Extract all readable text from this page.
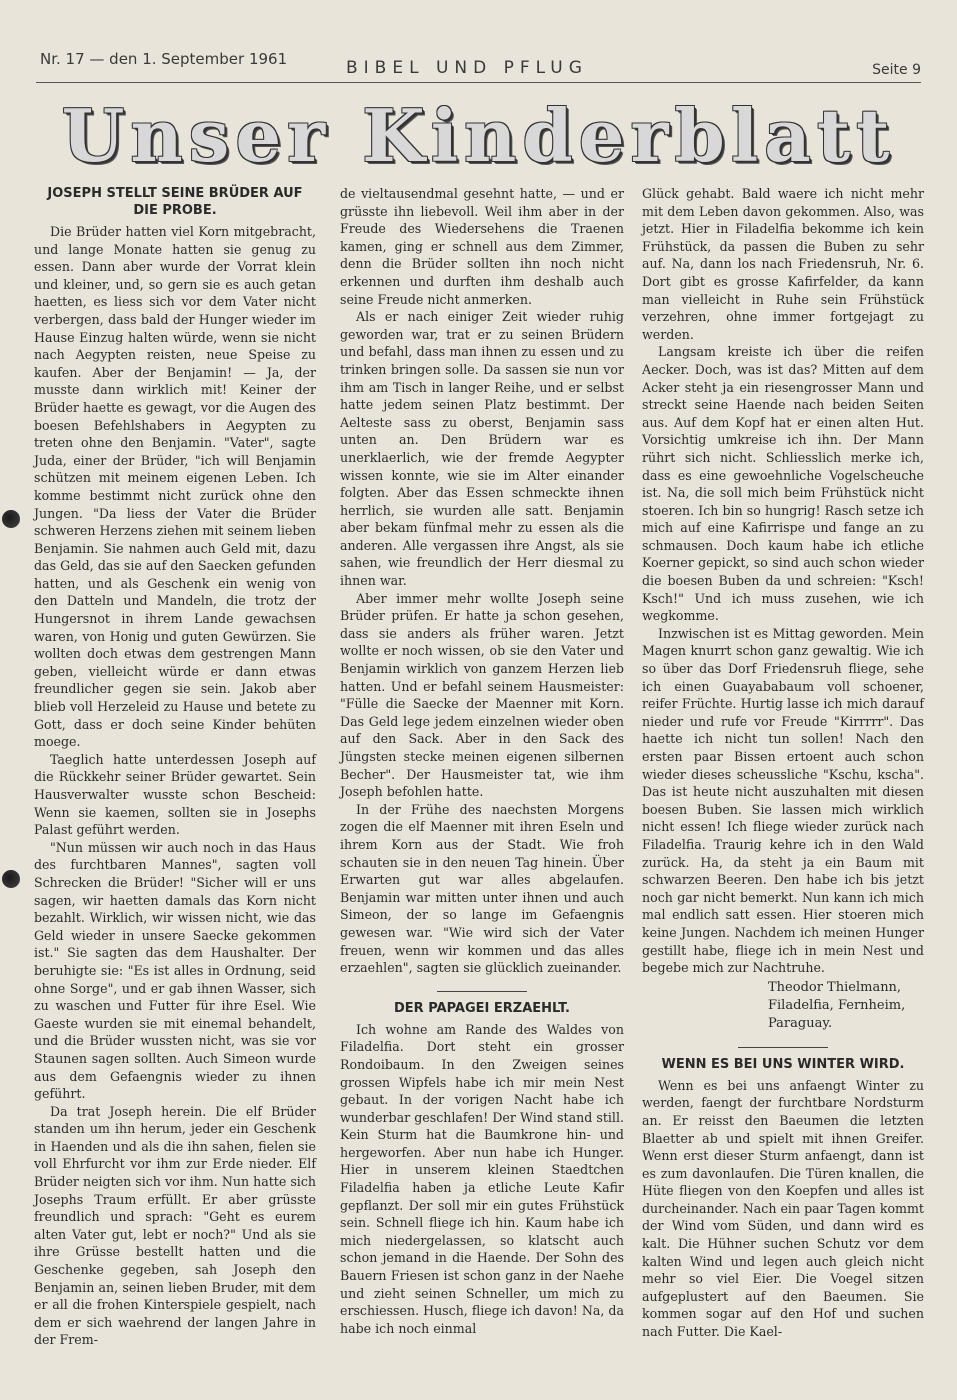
Nr. 17 — den 1. September 1961	BIBEL UND PFLUG	Seite 9
Unser Kinderblatt
JOSEPH STELLT SEINE BRÜDER AUF DIE PROBE.

Die Brüder hatten viel Korn mitgebracht, und lange Monate hatten sie genug zu essen. Dann aber wurde der Vorrat klein und kleiner, und, so gern sie es auch getan haetten, es liess sich vor dem Vater nicht verbergen, dass bald der Hunger wieder im Hause Einzug halten würde, wenn sie nicht nach Aegypten reisten, neue Speise zu kaufen. Aber der Benjamin! — Ja, der musste dann wirklich mit! Keiner der Brüder haette es gewagt, vor die Augen des boesen Befehlshabers in Aegypten zu treten ohne den Benjamin. "Vater", sagte Juda, einer der Brüder, "ich will Benjamin schützen mit meinem eigenen Leben. Ich komme bestimmt nicht zurück ohne den Jungen. "Da liess der Vater die Brüder schweren Herzens ziehen mit seinem lieben Benjamin. Sie nahmen auch Geld mit, dazu das Geld, das sie auf den Saecken gefunden hatten, und als Geschenk ein wenig von den Datteln und Mandeln, die trotz der Hungersnot in ihrem Lande gewachsen waren, von Honig und guten Gewürzen. Sie wollten doch etwas dem gestrengen Mann geben, vielleicht würde er dann etwas freundlicher gegen sie sein. Jakob aber blieb voll Herzeleid zu Hause und betete zu Gott, dass er doch seine Kinder behüten moege.

Taeglich hatte unterdessen Joseph auf die Rückkehr seiner Brüder gewartet. Sein Hausverwalter wusste schon Bescheid: Wenn sie kaemen, sollten sie in Josephs Palast geführt werden.

"Nun müssen wir auch noch in das Haus des furchtbaren Mannes", sagten voll Schrecken die Brüder! "Sicher will er uns sagen, wir haetten damals das Korn nicht bezahlt. Wirklich, wir wissen nicht, wie das Geld wieder in unsere Saecke gekommen ist." Sie sagten das dem Haushalter. Der beruhigte sie: "Es ist alles in Ordnung, seid ohne Sorge", und er gab ihnen Wasser, sich zu waschen und Futter für ihre Esel. Wie Gaeste wurden sie mit einemal behandelt, und die Brüder wussten nicht, was sie vor Staunen sagen sollten. Auch Simeon wurde aus dem Gefaengnis wieder zu ihnen geführt.

Da trat Joseph herein. Die elf Brüder standen um ihn herum, jeder ein Geschenk in Haenden und als die ihn sahen, fielen sie voll Ehrfurcht vor ihm zur Erde nieder. Elf Brüder neigten sich vor ihm. Nun hatte sich Josephs Traum erfüllt. Er aber grüsste freundlich und sprach: "Geht es eurem alten Vater gut, lebt er noch?" Und als sie ihre Grüsse bestellt hatten und die Geschenke gegeben, sah Joseph den Benjamin an, seinen lieben Bruder, mit dem er all die frohen Kinterspiele gespielt, nach dem er sich waehrend der langen Jahre in der Frem-

de vieltausendmal gesehnt hatte, — und er grüsste ihn liebevoll. Weil ihm aber in der Freude des Wiedersehens die Traenen kamen, ging er schnell aus dem Zimmer, denn die Brüder sollten ihn noch nicht erkennen und durften ihm deshalb auch seine Freude nicht anmerken.

Als er nach einiger Zeit wieder ruhig geworden war, trat er zu seinen Brüdern und befahl, dass man ihnen zu essen und zu trinken bringen solle. Da sassen sie nun vor ihm am Tisch in langer Reihe, und er selbst hatte jedem seinen Platz bestimmt. Der Aelteste sass zu oberst, Benjamin sass unten an. Den Brüdern war es unerklaerlich, wie der fremde Aegypter wissen konnte, wie sie im Alter einander folgten. Aber das Essen schmeckte ihnen herrlich, sie wurden alle satt. Benjamin aber bekam fünfmal mehr zu essen als die anderen. Alle vergassen ihre Angst, als sie sahen, wie freundlich der Herr diesmal zu ihnen war.

Aber immer mehr wollte Joseph seine Brüder prüfen. Er hatte ja schon gesehen, dass sie anders als früher waren. Jetzt wollte er noch wissen, ob sie den Vater und Benjamin wirklich von ganzem Herzen lieb hatten. Und er befahl seinem Hausmeister: "Fülle die Saecke der Maenner mit Korn. Das Geld lege jedem einzelnen wieder oben auf den Sack. Aber in den Sack des Jüngsten stecke meinen eigenen silbernen Becher". Der Hausmeister tat, wie ihm Joseph befohlen hatte.

In der Frühe des naechsten Morgens zogen die elf Maenner mit ihren Eseln und ihrem Korn aus der Stadt. Wie froh schauten sie in den neuen Tag hinein. Über Erwarten gut war alles abgelaufen. Benjamin war mitten unter ihnen und auch Simeon, der so lange im Gefaengnis gewesen war. "Wie wird sich der Vater freuen, wenn wir kommen und das alles erzaehlen", sagten sie glücklich zueinander.

DER PAPAGEI ERZAEHLT.

Ich wohne am Rande des Waldes von Filadelfia. Dort steht ein grosser Rondoibaum. In den Zweigen seines grossen Wipfels habe ich mir mein Nest gebaut. In der vorigen Nacht habe ich wunderbar geschlafen! Der Wind stand still. Kein Sturm hat die Baumkrone hin- und hergeworfen. Aber nun habe ich Hunger. Hier in unserem kleinen Staedtchen Filadelfia haben ja etliche Leute Kafir gepflanzt. Der soll mir ein gutes Frühstück sein. Schnell fliege ich hin. Kaum habe ich mich niedergelassen, so klatscht auch schon jemand in die Haende. Der Sohn des Bauern Friesen ist schon ganz in der Naehe und zieht seinen Schneller, um mich zu erschiessen. Husch, fliege ich davon! Na, da habe ich noch einmal

Glück gehabt. Bald waere ich nicht mehr mit dem Leben davon gekommen. Also, was jetzt. Hier in Filadelfia bekomme ich kein Frühstück, da passen die Buben zu sehr auf. Na, dann los nach Friedensruh, Nr. 6. Dort gibt es grosse Kafirfelder, da kann man vielleicht in Ruhe sein Frühstück verzehren, ohne immer fortgejagt zu werden.

Langsam kreiste ich über die reifen Aecker. Doch, was ist das? Mitten auf dem Acker steht ja ein riesengrosser Mann und streckt seine Haende nach beiden Seiten aus. Auf dem Kopf hat er einen alten Hut. Vorsichtig umkreise ich ihn. Der Mann rührt sich nicht. Schliesslich merke ich, dass es eine gewoehnliche Vogelscheuche ist. Na, die soll mich beim Frühstück nicht stoeren. Ich bin so hungrig! Rasch setze ich mich auf eine Kafirrispe und fange an zu schmausen. Doch kaum habe ich etliche Koerner gepickt, so sind auch schon wieder die boesen Buben da und schreien: "Ksch! Ksch!" Und ich muss zusehen, wie ich wegkomme.

Inzwischen ist es Mittag geworden. Mein Magen knurrt schon ganz gewaltig. Wie ich so über das Dorf Friedensruh fliege, sehe ich einen Guayababaum voll schoener, reifer Früchte. Hurtig lasse ich mich darauf nieder und rufe vor Freude "Kirrrrr". Das haette ich nicht tun sollen! Nach den ersten paar Bissen ertoent auch schon wieder dieses scheussliche "Kschu, kscha". Das ist heute nicht auszuhalten mit diesen boesen Buben. Sie lassen mich wirklich nicht essen! Ich fliege wieder zurück nach Filadelfia. Traurig kehre ich in den Wald zurück. Ha, da steht ja ein Baum mit schwarzen Beeren. Den habe ich bis jetzt noch gar nicht bemerkt. Nun kann ich mich mal endlich satt essen. Hier stoeren mich keine Jungen. Nachdem ich meinen Hunger gestillt habe, fliege ich in mein Nest und begebe mich zur Nachtruhe.

Theodor Thielmann,
Filadelfia, Fernheim,
Paraguay.
WENN ES BEI UNS WINTER WIRD.

Wenn es bei uns anfaengt Winter zu werden, faengt der furchtbare Nordsturm an. Er reisst den Baeumen die letzten Blaetter ab und spielt mit ihnen Greifer. Wenn erst dieser Sturm anfaengt, dann ist es zum davonlaufen. Die Türen knallen, die Hüte fliegen von den Koepfen und alles ist durcheinander. Nach ein paar Tagen kommt der Wind vom Süden, und dann wird es kalt. Die Hühner suchen Schutz vor dem kalten Wind und legen auch gleich nicht mehr so viel Eier. Die Voegel sitzen aufgeplustert auf den Baeumen. Sie kommen sogar auf den Hof und suchen nach Futter. Die Kael-
